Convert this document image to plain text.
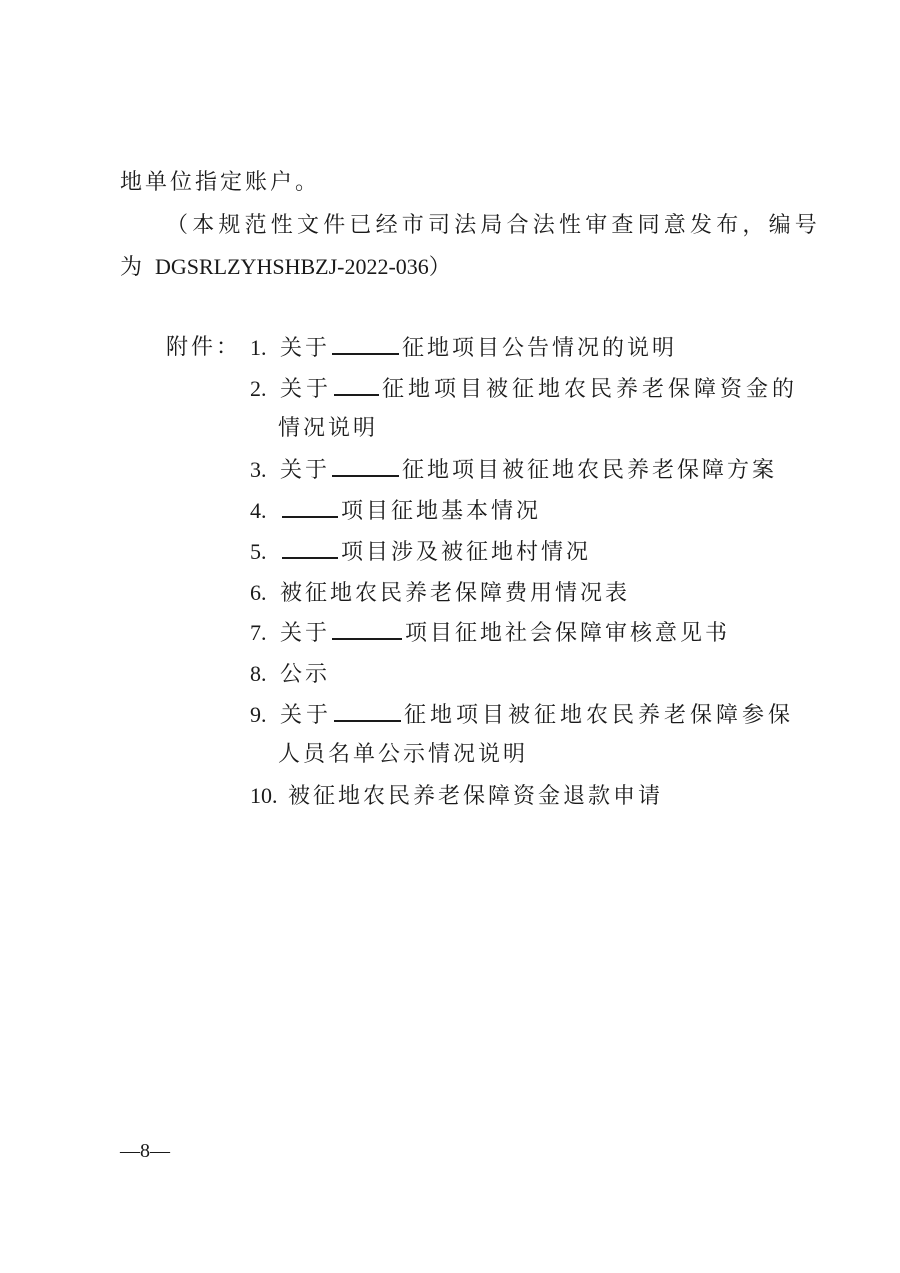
地单位指定账户。
（本规范性文件已经市司法局合法性审查同意发布，编号
为 DGSRLZYHSHBZJ-2022-036）
附件： 1. 关于	征地项目公告情况的说明
2. 关于 征地项目被征地农民养老保障资金的
情况说明
3. 关于	征地项目被征地农民养老保障方案
4.	项目征地基本情况
5.	项目涉及被征地村情况
6. 被征地农民养老保障费用情况表
7. 关于	项目征地社会保障审核意见书
8. 公示
9. 关于	征地项目被征地农民养老保障参保
人员名单公示情况说明
10. 被征地农民养老保障资金退款申请
—8—
